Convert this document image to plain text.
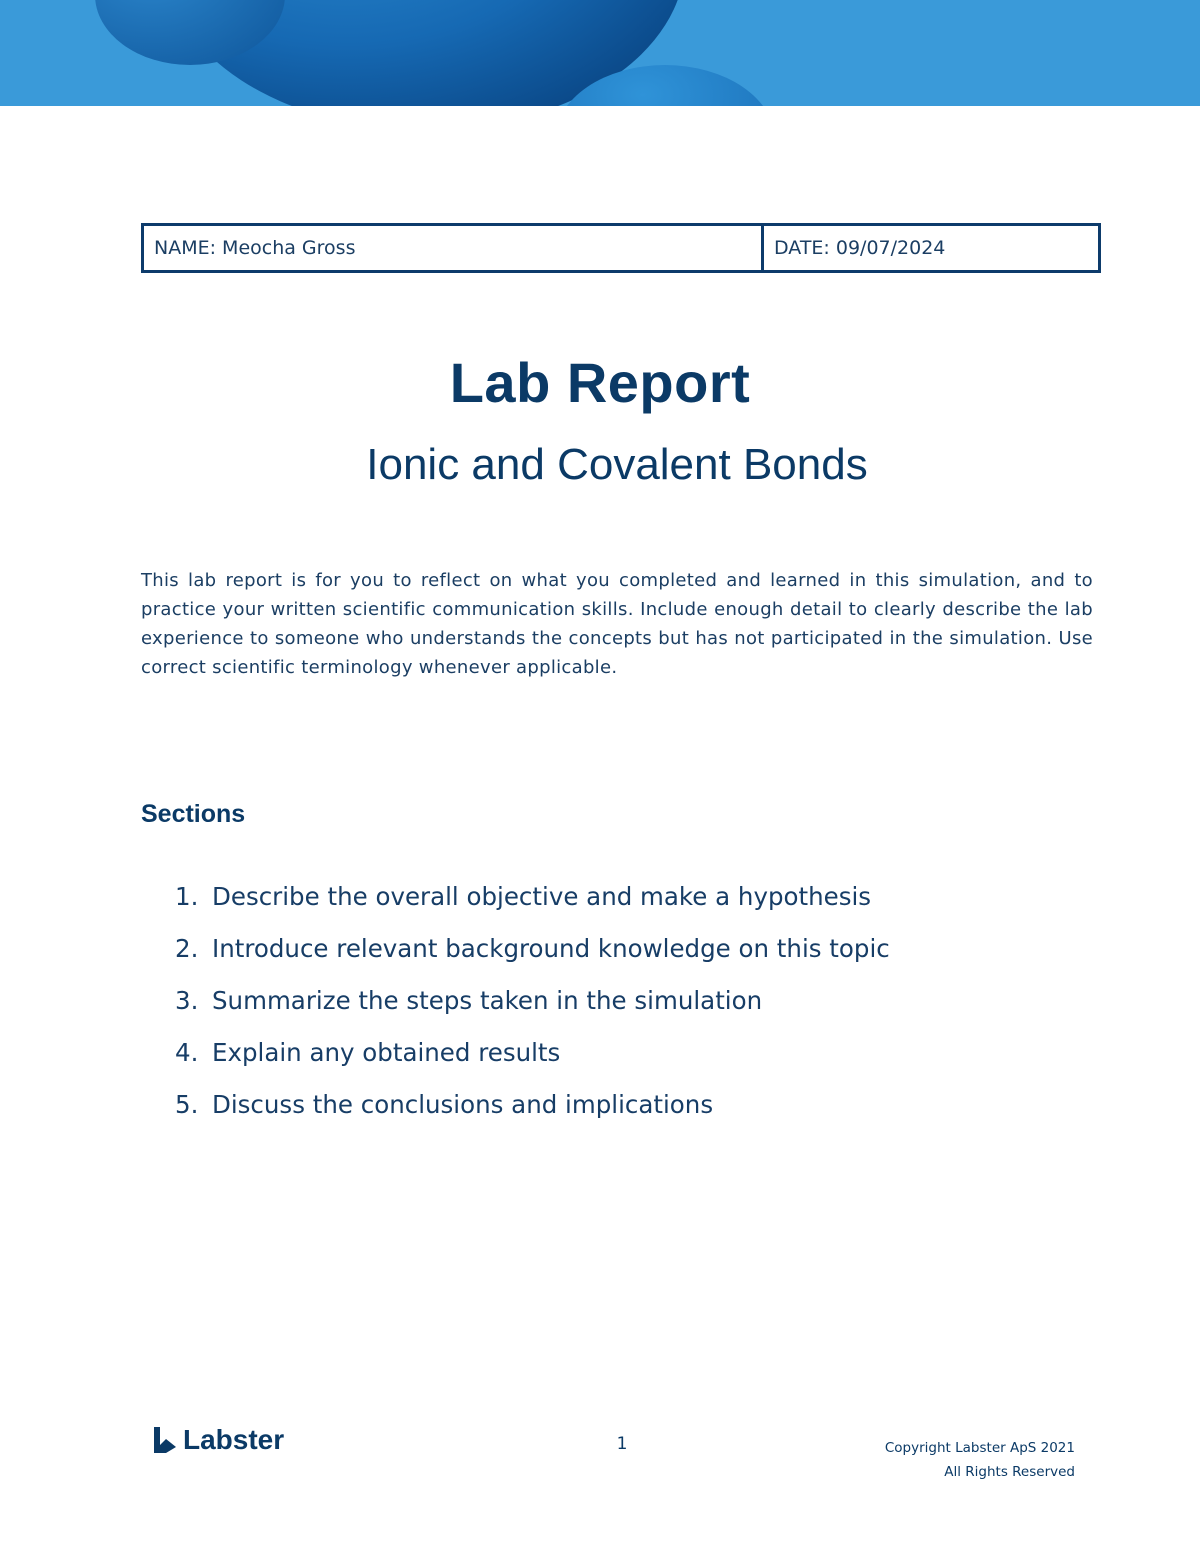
NAME: Meocha Gross	DATE: 09/07/2024
Lab Report
Ionic and Covalent Bonds
This lab report is for you to reflect on what you completed and learned in this simulation, and to practice your written scientific communication skills. Include enough detail to clearly describe the lab experience to someone who understands the concepts but has not participated in the simulation. Use correct scientific terminology whenever applicable.
Sections
1. Describe the overall objective and make a hypothesis
2. Introduce relevant background knowledge on this topic
3. Summarize the steps taken in the simulation
4. Explain any obtained results
5. Discuss the conclusions and implications
Labster	1	Copyright Labster ApS 2021
All Rights Reserved
